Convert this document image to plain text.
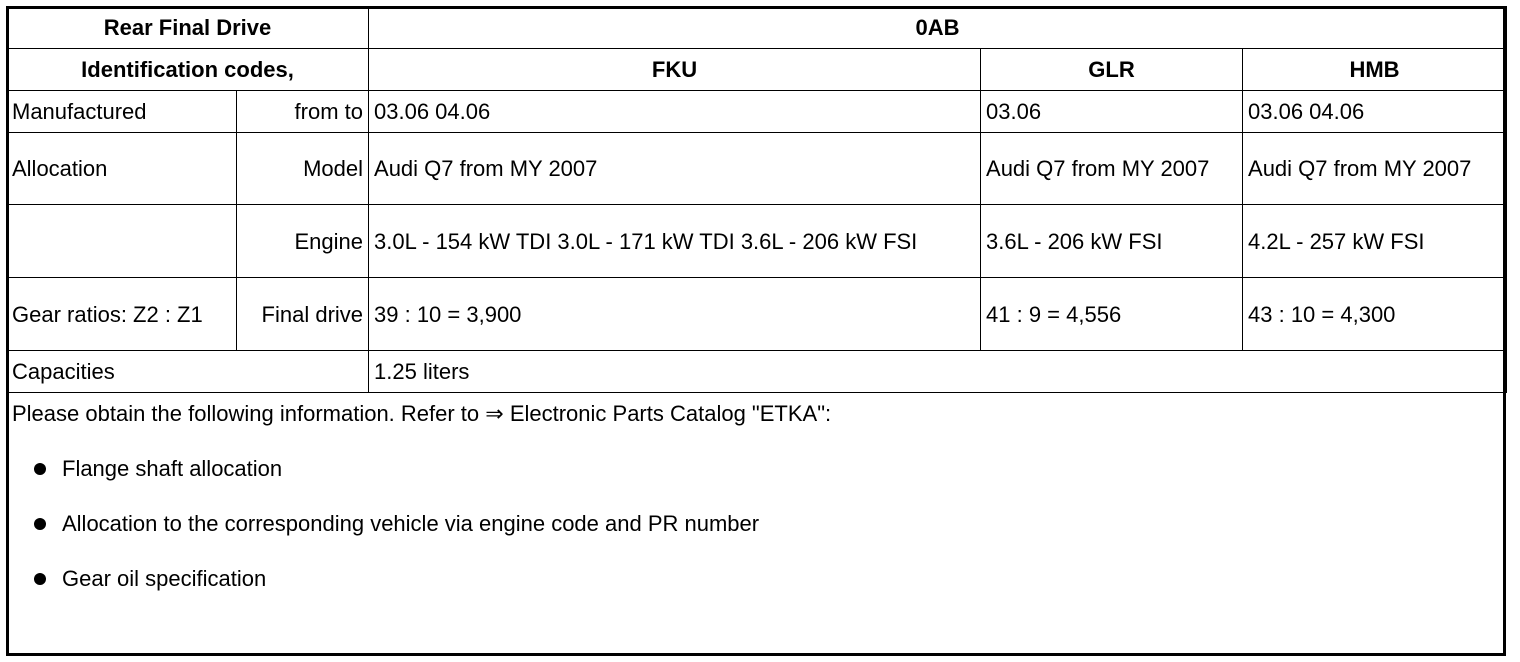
Rear Final Drive		0AB		
Identification codes,		FKU	GLR	HMB
Manufactured	from to	03.06 04.06	03.06	03.06 04.06
Allocation	Model	Audi Q7 from MY 2007	Audi Q7 from MY 2007	Audi Q7 from MY 2007
	Engine	3.0L - 154 kW TDI 3.0L - 171 kW TDI 3.6L - 206 kW FSI	3.6L - 206 kW FSI	4.2L - 257 kW FSI
Gear ratios: Z2 : Z1	Final drive	39 : 10 = 3,900	41 : 9 = 4,556	43 : 10 = 4,300
Capacities		1.25 liters		
Please obtain the following information. Refer to ⇒ Electronic Parts Catalog "ETKA":
Flange shaft allocation
Allocation to the corresponding vehicle via engine code and PR number
Gear oil specification
